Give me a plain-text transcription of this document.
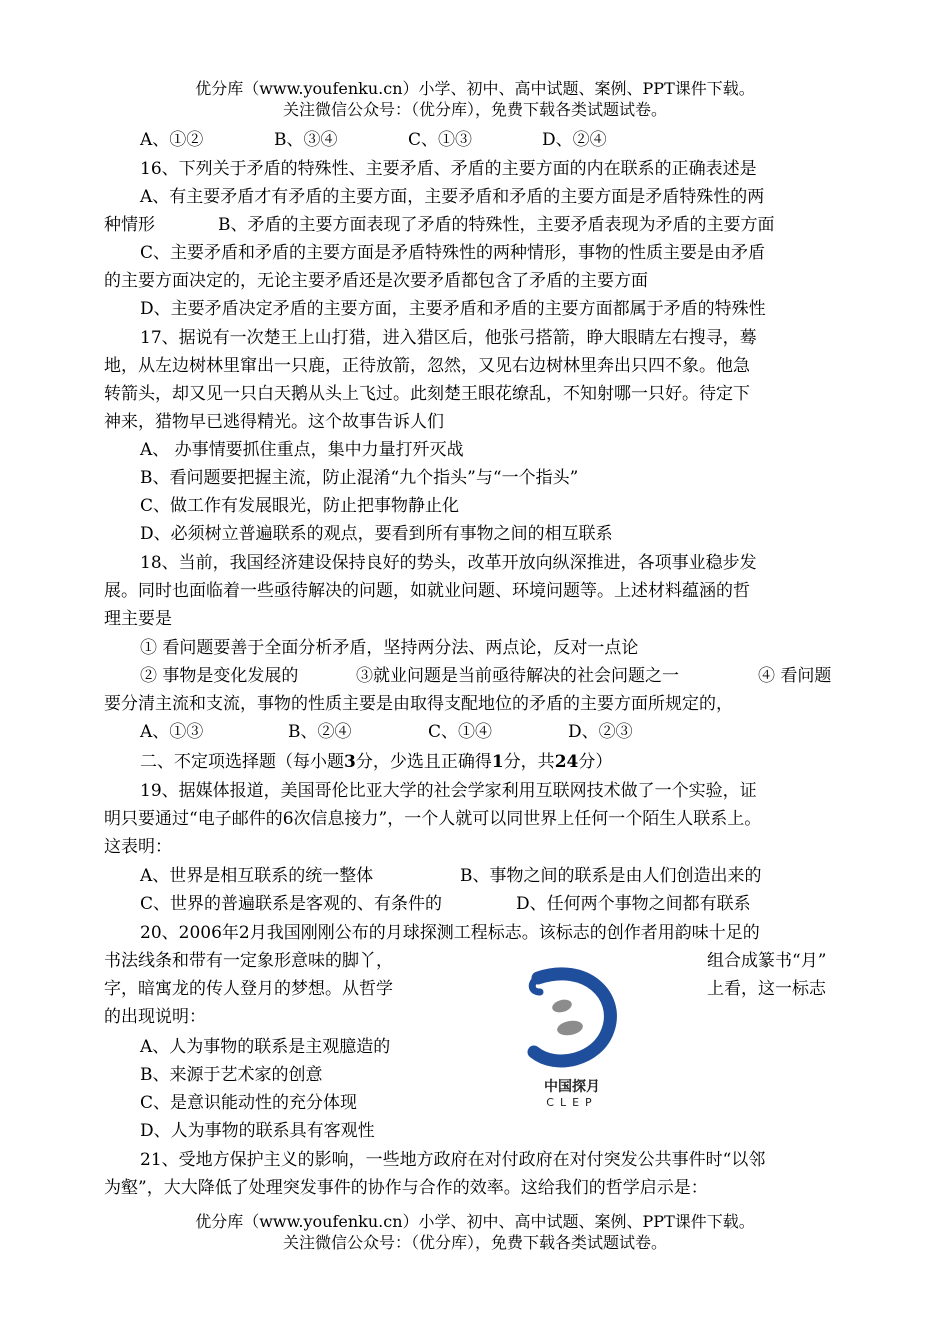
优分库（www.youfenku.cn）小学、初中、高中试题、案例、PPT课件下载。
关注微信公众号：（优分库），免费下载各类试题试卷。
A、①②	B、③④	C、①③	D、②④
16、下列关于矛盾的特殊性、主要矛盾、矛盾的主要方面的内在联系的正确表述是
A、有主要矛盾才有矛盾的主要方面，主要矛盾和矛盾的主要方面是矛盾特殊性的两
种情形	B、矛盾的主要方面表现了矛盾的特殊性，主要矛盾表现为矛盾的主要方面
C、主要矛盾和矛盾的主要方面是矛盾特殊性的两种情形，事物的性质主要是由矛盾
的主要方面决定的，无论主要矛盾还是次要矛盾都包含了矛盾的主要方面
D、主要矛盾决定矛盾的主要方面，主要矛盾和矛盾的主要方面都属于矛盾的特殊性
17、据说有一次楚王上山打猎，进入猎区后，他张弓搭箭，睁大眼睛左右搜寻，蓦
地，从左边树林里窜出一只鹿，正待放箭，忽然，又见右边树林里奔出只四不象。他急
转箭头，却又见一只白天鹅从头上飞过。此刻楚王眼花缭乱，不知射哪一只好。待定下
神来，猎物早已逃得精光。这个故事告诉人们
A、 办事情要抓住重点，集中力量打歼灭战
B、看问题要把握主流，防止混淆“九个指头”与“一个指头”
C、做工作有发展眼光，防止把事物静止化
D、必须树立普遍联系的观点，要看到所有事物之间的相互联系
18、当前，我国经济建设保持良好的势头，改革开放向纵深推进，各项事业稳步发
展。同时也面临着一些亟待解决的问题，如就业问题、环境问题等。上述材料蕴涵的哲
理主要是
① 看问题要善于全面分析矛盾，坚持两分法、两点论，反对一点论
② 事物是变化发展的	③就业问题是当前亟待解决的社会问题之一	④ 看问题
要分清主流和支流，事物的性质主要是由取得支配地位的矛盾的主要方面所规定的，
A、①③	B、②④	C、①④	D、②③
二、不定项选择题（每小题3分，少选且正确得1分，共24分）
19、据媒体报道，美国哥伦比亚大学的社会学家利用互联网技术做了一个实验，证
明只要通过“电子邮件的6次信息接力”，一个人就可以同世界上任何一个陌生人联系上。
这表明：
A、世界是相互联系的统一整体	B、事物之间的联系是由人们创造出来的
C、世界的普遍联系是客观的、有条件的	D、任何两个事物之间都有联系
20、2006年2月我国刚刚公布的月球探测工程标志。该标志的创作者用韵味十足的
书法线条和带有一定象形意味的脚丫，	组合成篆书“月”
字，暗寓龙的传人登月的梦想。从哲学	上看，这一标志
的出现说明：
A、人为事物的联系是主观臆造的
B、来源于艺术家的创意
C、是意识能动性的充分体现
D、人为事物的联系具有客观性
中国探月
CLEP
21、受地方保护主义的影响，一些地方政府在对付政府在对付突发公共事件时“以邻
为壑”，大大降低了处理突发事件的协作与合作的效率。这给我们的哲学启示是：
优分库（www.youfenku.cn）小学、初中、高中试题、案例、PPT课件下载。
关注微信公众号：（优分库），免费下载各类试题试卷。
